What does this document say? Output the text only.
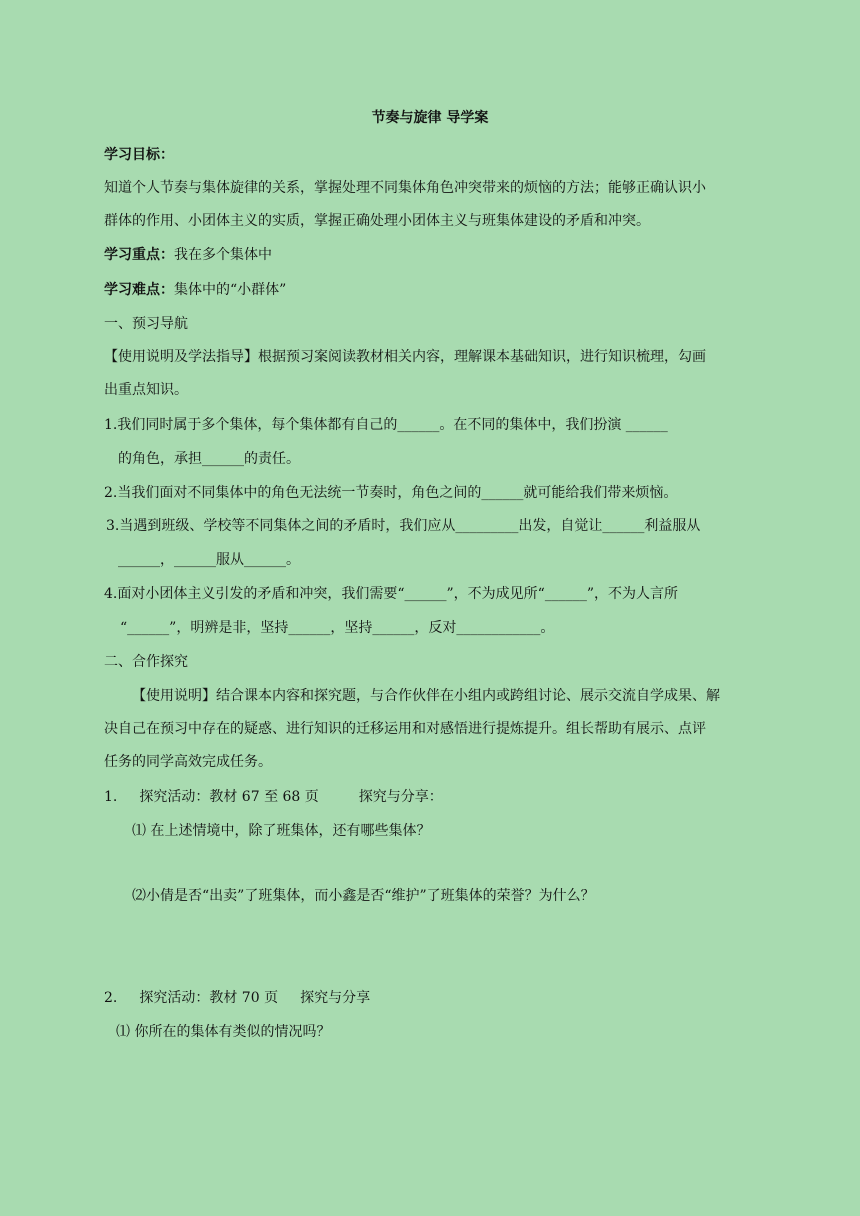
节奏与旋律 导学案
学习目标：
知道个人节奏与集体旋律的关系，掌握处理不同集体角色冲突带来的烦恼的方法；能够正确认识小
群体的作用、小团体主义的实质，掌握正确处理小团体主义与班集体建设的矛盾和冲突。
学习重点：我在多个集体中
学习难点：集体中的“小群体”
一、预习导航
【使用说明及学法指导】根据预习案阅读教材相关内容，理解课本基础知识，进行知识梳理，勾画
出重点知识。
1.我们同时属于多个集体，每个集体都有自己的______。在不同的集体中，我们扮演 ______
的角色，承担______的责任。
2.当我们面对不同集体中的角色无法统一节奏时，角色之间的______就可能给我们带来烦恼。
3.当遇到班级、学校等不同集体之间的矛盾时，我们应从_________出发，自觉让______利益服从
______，______服从______。
4.面对小团体主义引发的矛盾和冲突，我们需要“______”，不为成见所“______”，不为人言所
“______”，明辨是非，坚持______，坚持______，反对____________。
二、合作探究
【使用说明】结合课本内容和探究题，与合作伙伴在小组内或跨组讨论、展示交流自学成果、解
决自己在预习中存在的疑惑、进行知识的迁移运用和对感悟进行提炼提升。组长帮助有展示、点评
任务的同学高效完成任务。
1. 探究活动：教材 67 至 68 页	探究与分享：
⑴ 在上述情境中，除了班集体，还有哪些集体？
⑵小倩是否“出卖”了班集体，而小鑫是否“维护”了班集体的荣誉？为什么？
2. 探究活动：教材 70 页 探究与分享
⑴ 你所在的集体有类似的情况吗？
